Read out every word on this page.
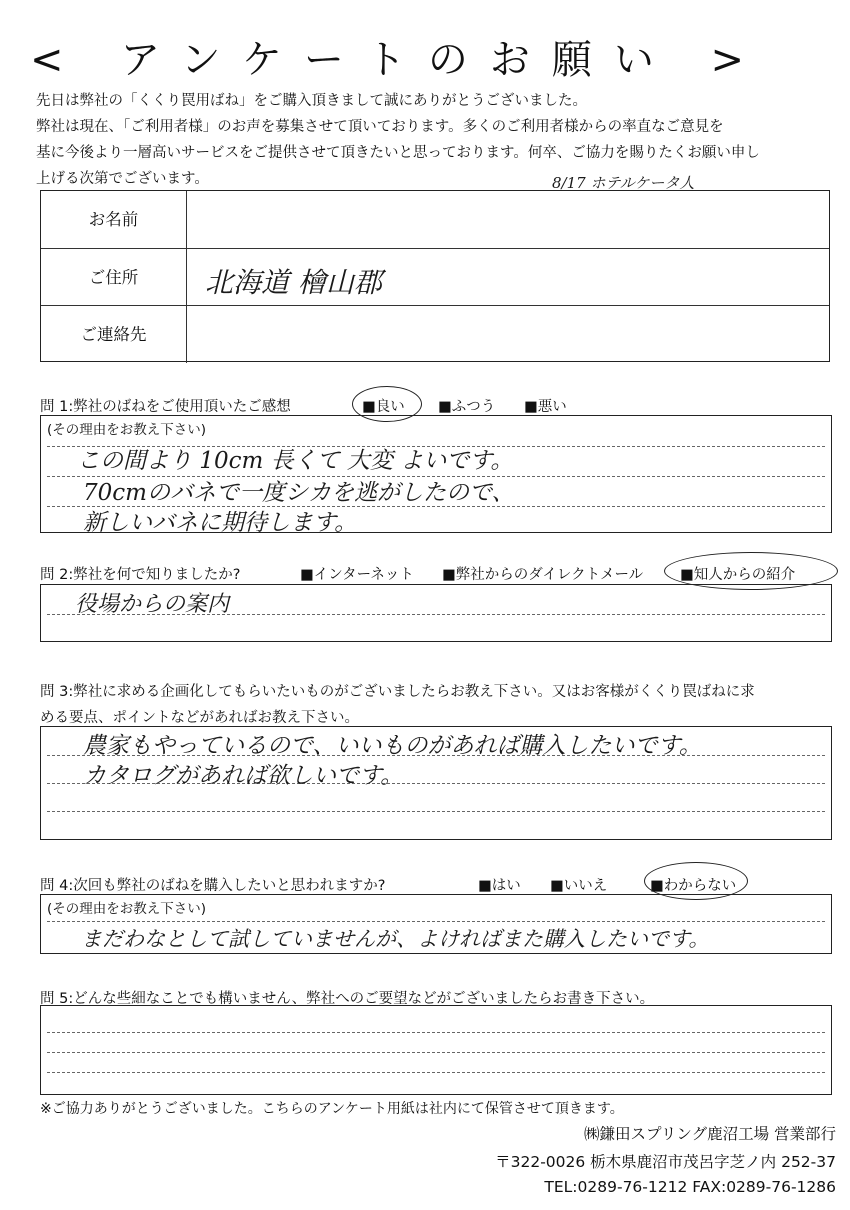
< アンケートのお願い >
先日は弊社の「くくり罠用ばね」をご購入頂きまして誠にありがとうございました。
弊社は現在、「ご利用者様」のお声を募集させて頂いております。多くのご利用者様からの率直なご意見を
基に今後より一層高いサービスをご提供させて頂きたいと思っております。何卒、ご協力を賜りたくお願い申し
上げる次第でございます。	8/17 ホテルケータ人
お名前
ご住所	北海道 檜山郡
ご連絡先
問 1:弊社のばねをご使用頂いたご感想	■良い ■ふつう ■悪い
(その理由をお教え下さい)
この間より 10cm 長くて 大変 よいです。
70cmのバネで一度シカを逃がしたので、
新しいバネに期待します。
問 2:弊社を何で知りましたか?	■インターネット ■弊社からのダイレクトメール	■知人からの紹介
役場からの案内
問 3:弊社に求める企画化してもらいたいものがございましたらお教え下さい。又はお客様がくくり罠ばねに求
める要点、ポイントなどがあればお教え下さい。
農家もやっているので、いいものがあれば購入したいです。
カタログがあれば欲しいです。
問 4:次回も弊社のばねを購入したいと思われますか?	■はい ■いいえ	■わからない
(その理由をお教え下さい)
まだわなとして試していませんが、よければまた購入したいです。
問 5:どんな些細なことでも構いません、弊社へのご要望などがございましたらお書き下さい。
※ご協力ありがとうございました。こちらのアンケート用紙は社内にて保管させて頂きます。
㈱鎌田スプリング鹿沼工場 営業部行
〒322-0026 栃木県鹿沼市茂呂字芝ノ内 252-37
TEL:0289-76-1212 FAX:0289-76-1286
